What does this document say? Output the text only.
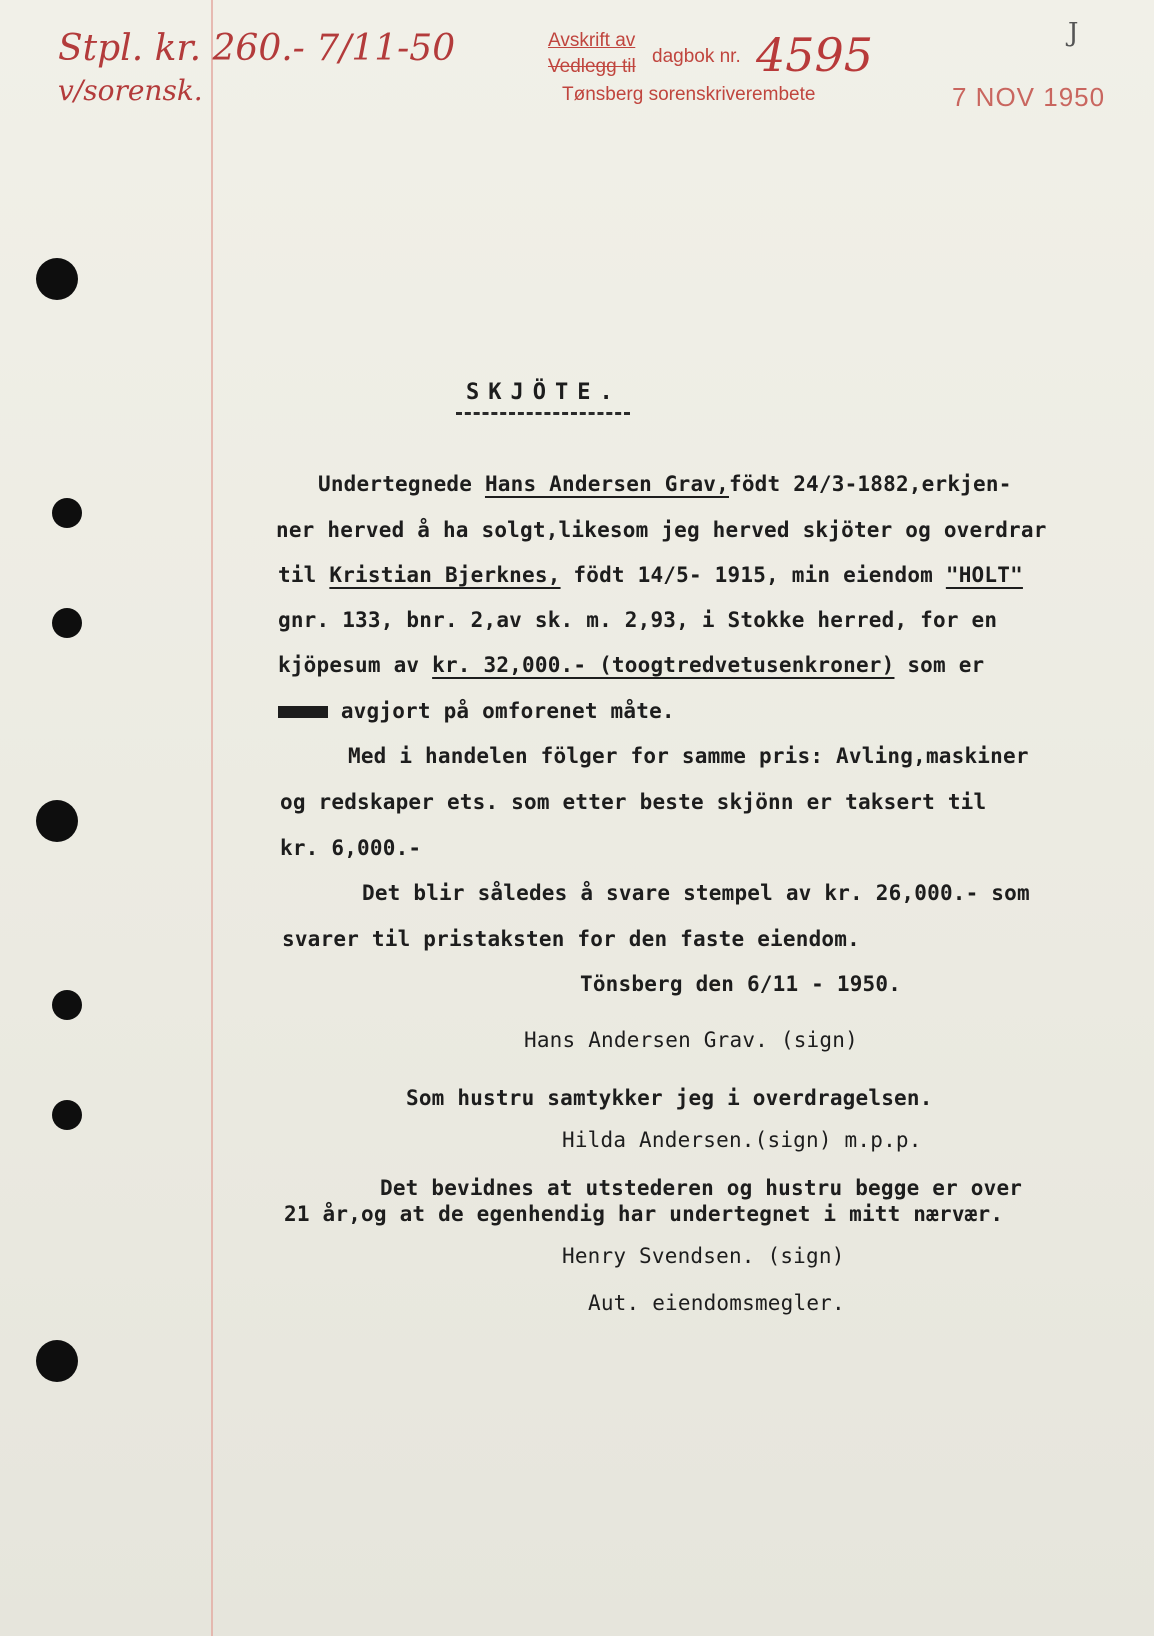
Stpl. kr. 260.- 7/11-50
v/sorensk.
Avskrift av
Vedlegg til dagbok nr. 4595
Tønsberg sorenskriverembete	7 NOV 1950
J
SKJÖTE.
Undertegnede Hans Andersen Grav,födt 24/3-1882,erkjen-
ner herved å ha solgt,likesom jeg herved skjöter og overdrar
til Kristian Bjerknes, födt 14/5- 1915, min eiendom "HOLT"
gnr. 133, bnr. 2,av sk. m. 2,93, i Stokke herred, for en
kjöpesum av kr. 32,000.- (toogtredvetusenkroner) som er
avgjort på omforenet måte.
Med i handelen fölger for samme pris: Avling,maskiner
og redskaper ets. som etter beste skjönn er taksert til
kr. 6,000.-
Det blir således å svare stempel av kr. 26,000.- som
svarer til pristaksten for den faste eiendom.
Tönsberg den 6/11 - 1950.
Hans Andersen Grav. (sign)
Som hustru samtykker jeg i overdragelsen.
Hilda Andersen.(sign) m.p.p.
Det bevidnes at utstederen og hustru begge er over
21 år,og at de egenhendig har undertegnet i mitt nærvær.
Henry Svendsen. (sign)
Aut. eiendomsmegler.
